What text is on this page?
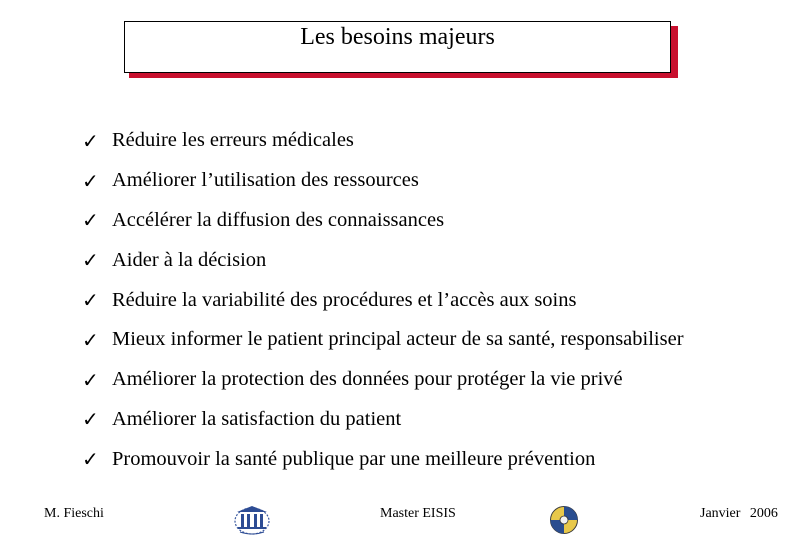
Les besoins majeurs
✓ Réduire les erreurs médicales
✓ Améliorer l’utilisation des ressources
✓ Accélérer la diffusion des connaissances
✓ Aider à la décision
✓ Réduire la variabilité des procédures et l’accès aux soins
✓ Mieux informer le patient principal acteur de sa santé, responsabiliser
✓ Améliorer la protection des données pour protéger la vie privé
✓ Améliorer la satisfaction du patient
✓ Promouvoir la santé publique par une meilleure prévention
M. Fieschi	Master EISIS	Janvier 2006
